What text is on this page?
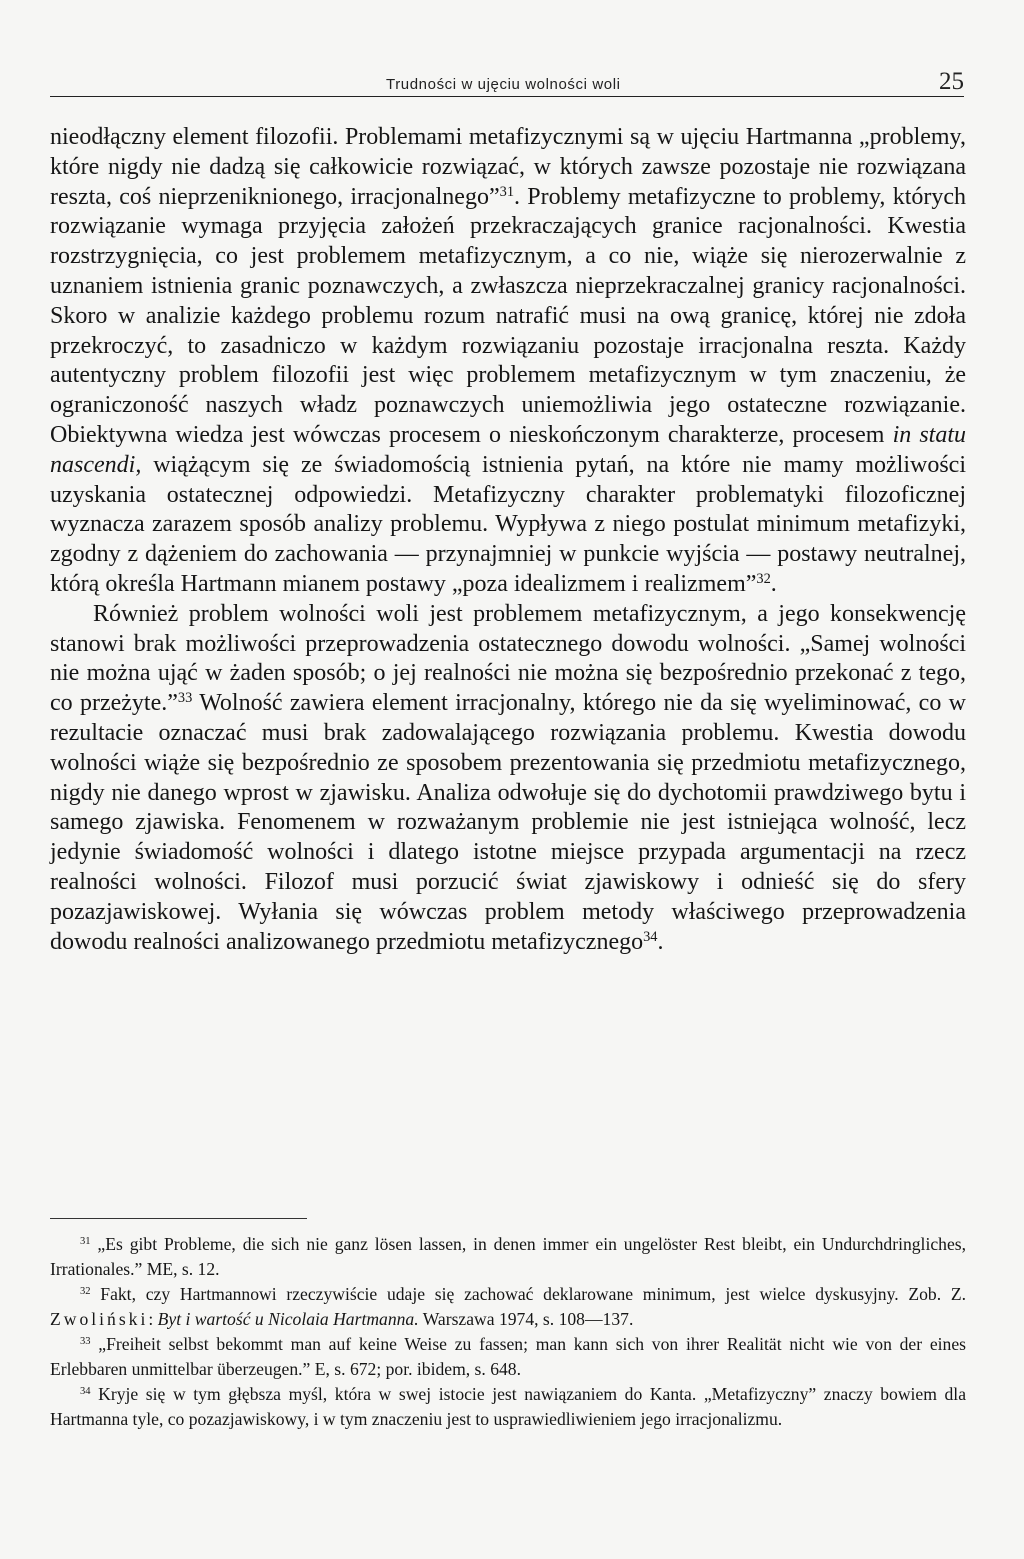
Trudności w ujęciu wolności woli	25

nieodłączny element filozofii. Problemami metafizycznymi są w ujęciu Hartmanna „problemy, które nigdy nie dadzą się całkowicie rozwiązać, w których zawsze pozostaje nie rozwiązana reszta, coś nieprzeniknionego, irracjonalnego”$^{31}$. Problemy metafizyczne to problemy, których rozwiązanie wymaga przyjęcia założeń przekraczających granice racjonalności. Kwestia rozstrzygnięcia, co jest problemem metafizycznym, a co nie, wiąże się nierozerwalnie z uznaniem istnienia granic poznawczych, a zwłaszcza nieprzekraczalnej granicy racjonalności. Skoro w analizie każdego problemu rozum natrafić musi na ową granicę, której nie zdoła przekroczyć, to zasadniczo w każdym rozwiązaniu pozostaje irracjonalna reszta. Każdy autentyczny problem filozofii jest więc problemem metafizycznym w tym znaczeniu, że ograniczoność naszych władz poznawczych uniemożliwia jego ostateczne rozwiązanie. Obiektywna wiedza jest wówczas procesem o nieskończonym charakterze, procesem in statu nascendi, wiążącym się ze świadomością istnienia pytań, na które nie mamy możliwości uzyskania ostatecznej odpowiedzi. Metafizyczny charakter problematyki filozoficznej wyznacza zarazem sposób analizy problemu. Wypływa z niego postulat minimum metafizyki, zgodny z dążeniem do zachowania — przynajmniej w punkcie wyjścia — postawy neutralnej, którą określa Hartmann mianem postawy „poza idealizmem i realizmem”$^{32}$.

Również problem wolności woli jest problemem metafizycznym, a jego konsekwencję stanowi brak możliwości przeprowadzenia ostatecznego dowodu wolności. „Samej wolności nie można ująć w żaden sposób; o jej realności nie można się bezpośrednio przekonać z tego, co przeżyte.”$^{33}$ Wolność zawiera element irracjonalny, którego nie da się wyeliminować, co w rezultacie oznaczać musi brak zadowalającego rozwiązania problemu. Kwestia dowodu wolności wiąże się bezpośrednio ze sposobem prezentowania się przedmiotu metafizycznego, nigdy nie danego wprost w zjawisku. Analiza odwołuje się do dychotomii prawdziwego bytu i samego zjawiska. Fenomenem w rozważanym problemie nie jest istniejąca wolność, lecz jedynie świadomość wolności i dlatego istotne miejsce przypada argumentacji na rzecz realności wolności. Filozof musi porzucić świat zjawiskowy i odnieść się do sfery pozazjawiskowej. Wyłania się wówczas problem metody właściwego przeprowadzenia dowodu realności analizowanego przedmiotu metafizycznego$^{34}$.

$^{31}$ „Es gibt Probleme, die sich nie ganz lösen lassen, in denen immer ein ungelöster Rest bleibt, ein Undurchdringliches, Irrationales.” ME, s. 12.

$^{32}$ Fakt, czy Hartmannowi rzeczywiście udaje się zachować deklarowane minimum, jest wielce dyskusyjny. Zob. Z. Zwoliński: Byt i wartość u Nicolaia Hartmanna. Warszawa 1974, s. 108—137.

$^{33}$ „Freiheit selbst bekommt man auf keine Weise zu fassen; man kann sich von ihrer Realität nicht wie von der eines Erlebbaren unmittelbar überzeugen.” E, s. 672; por. ibidem, s. 648.

$^{34}$ Kryje się w tym głębsza myśl, która w swej istocie jest nawiązaniem do Kanta. „Metafizyczny” znaczy bowiem dla Hartmanna tyle, co pozazjawiskowy, i w tym znaczeniu jest to usprawiedliwieniem jego irracjonalizmu.
